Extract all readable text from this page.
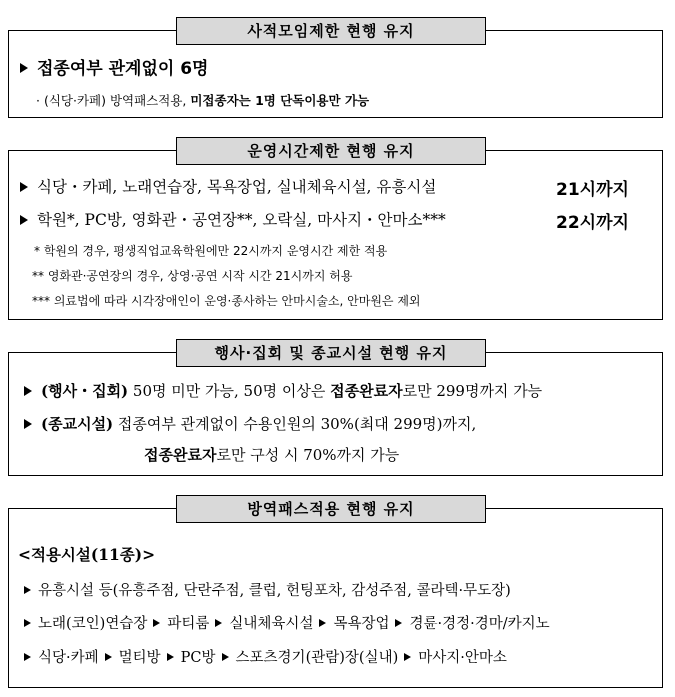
사적모임제한 현행 유지
접종여부 관계없이 6명
· (식당·카페) 방역패스적용, 미접종자는 1명 단독이용만 가능
운영시간제한 현행 유지
식당・카페, 노래연습장, 목욕장업, 실내체육시설, 유흥시설	21시까지
학원*, PC방, 영화관・공연장**, 오락실, 마사지・안마소***	22시까지
* 학원의 경우, 평생직업교육학원에만 22시까지 운영시간 제한 적용
** 영화관·공연장의 경우, 상영·공연 시작 시간 21시까지 허용
*** 의료법에 따라 시각장애인이 운영·종사하는 안마시술소, 안마원은 제외
행사·집회 및 종교시설 현행 유지
(행사・집회) 50명 미만 가능, 50명 이상은 접종완료자로만 299명까지 가능
(종교시설) 접종여부 관계없이 수용인원의 30%(최대 299명)까지,
접종완료자로만 구성 시 70%까지 가능
방역패스적용 현행 유지
<적용시설(11종)>
유흥시설 등(유흥주점, 단란주점, 클럽, 헌팅포차, 감성주점, 콜라텍·무도장)
노래(코인)연습장 파티룸 실내체육시설 목욕장업 경륜·경정·경마/카지노
식당·카페 멀티방 PC방 스포츠경기(관람)장(실내) 마사지·안마소
